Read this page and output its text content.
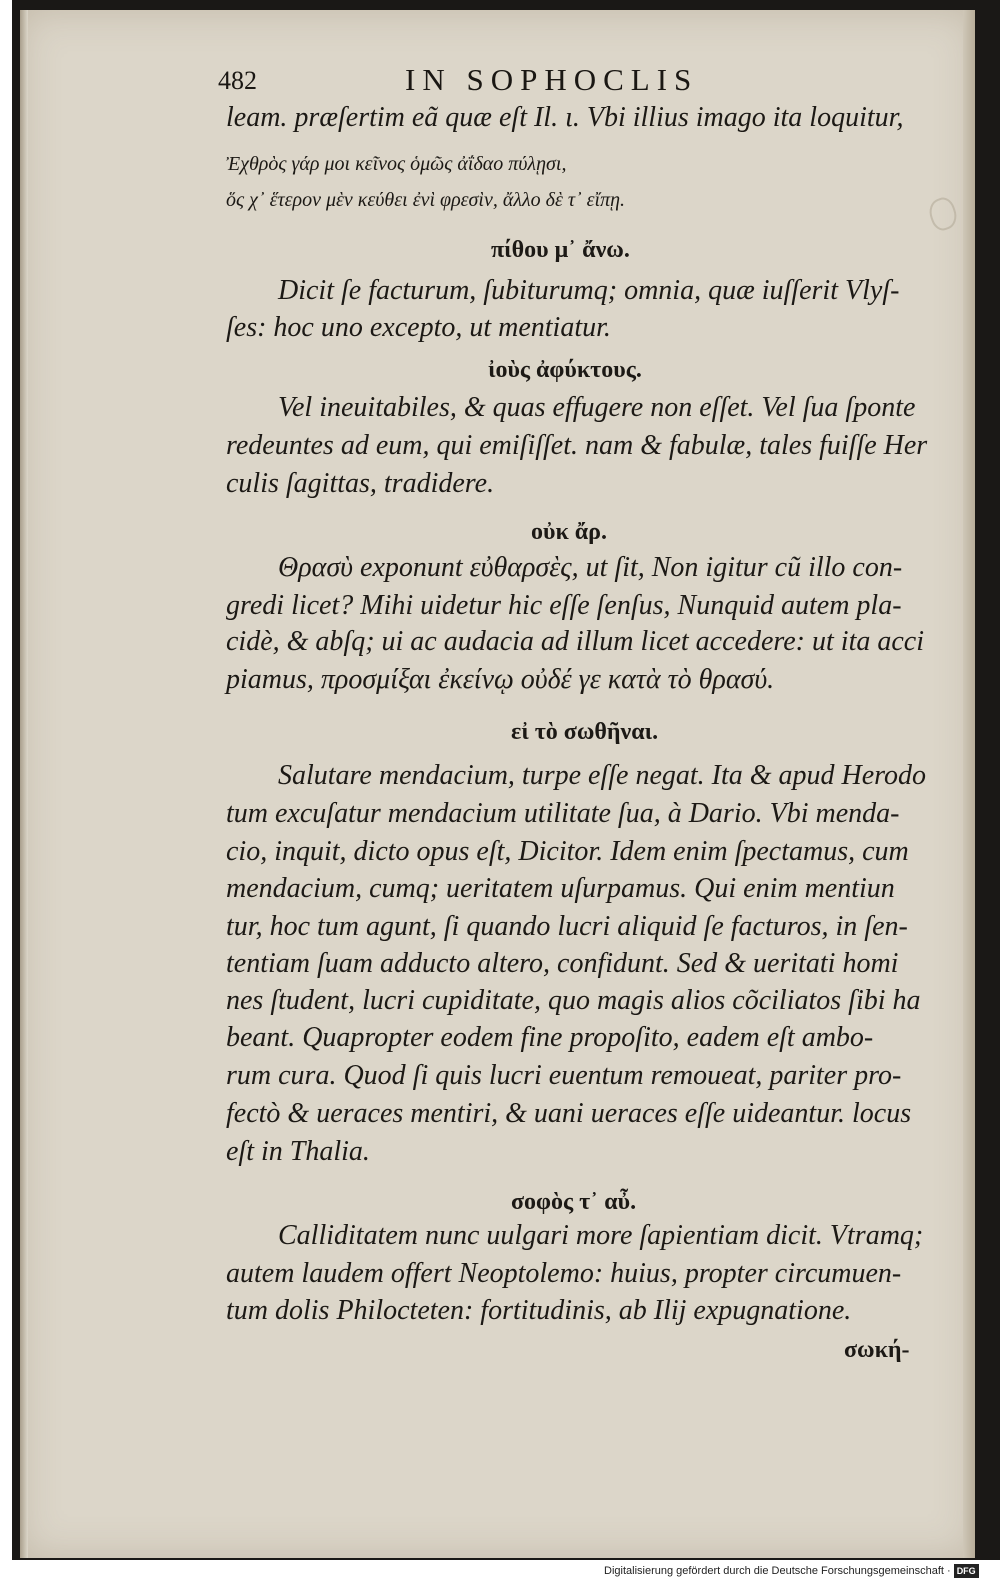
482	IN SOPHOCLIS
leam. præſertim eã quæ eſt Il. ι. Vbi illius imago ita loquitur,
Ἐχθρὸς γάρ μοι κεῖνος ὁμῶς ἀΐδαο πύλῃσι,
ὅς χ᾽ ἕτερον μὲν κεύθει ἐνὶ φρεσὶν, ἄλλο δὲ τ᾽ εἴπῃ.
πίθου μ᾽ ἄνω.
Dicit ſe facturum, ſubiturumq; omnia, quæ iuſſerit Vlyſ-
ſes: hoc uno excepto, ut mentiatur.
ἰοὺς ἀφύκτους.
Vel ineuitabiles, & quas effugere non eſſet. Vel ſua ſponte
redeuntes ad eum, qui emiſiſſet. nam & fabulæ, tales fuiſſe Her
culis ſagittas, tradidere.
οὐκ ἄρ.
Θρασὺ exponunt εὐθαρσὲς, ut ſit, Non igitur cũ illo con-
gredi licet? Mihi uidetur hic eſſe ſenſus, Nunquid autem pla-
cidè, & abſq; ui ac audacia ad illum licet accedere: ut ita acci
piamus, προσμίξαι ἐκείνῳ οὐδέ γε κατὰ τὸ θρασύ.
εἰ τὸ σωθῆναι.
Salutare mendacium, turpe eſſe negat. Ita & apud Herodo
tum excuſatur mendacium utilitate ſua, à Dario. Vbi menda-
cio, inquit, dicto opus eſt, Dicitor. Idem enim ſpectamus, cum
mendacium, cumq; ueritatem uſurpamus. Qui enim mentiun
tur, hoc tum agunt, ſi quando lucri aliquid ſe facturos, in ſen-
tentiam ſuam adducto altero, confidunt. Sed & ueritati homi
nes ſtudent, lucri cupiditate, quo magis alios cõciliatos ſibi ha
beant. Quapropter eodem fine propoſito, eadem eſt ambo-
rum cura. Quod ſi quis lucri euentum remoueat, pariter pro-
fectò & ueraces mentiri, & uani ueraces eſſe uideantur. locus
eſt in Thalia.
σοφὸς τ᾽ αὖ.
Calliditatem nunc uulgari more ſapientiam dicit. Vtramq;
autem laudem offert Neoptolemo: huius, propter circumuen-
tum dolis Philocteten: fortitudinis, ab Ilij expugnatione.
σωκή-
Digitalisierung gefördert durch die Deutsche Forschungsgemeinschaft · DFG
